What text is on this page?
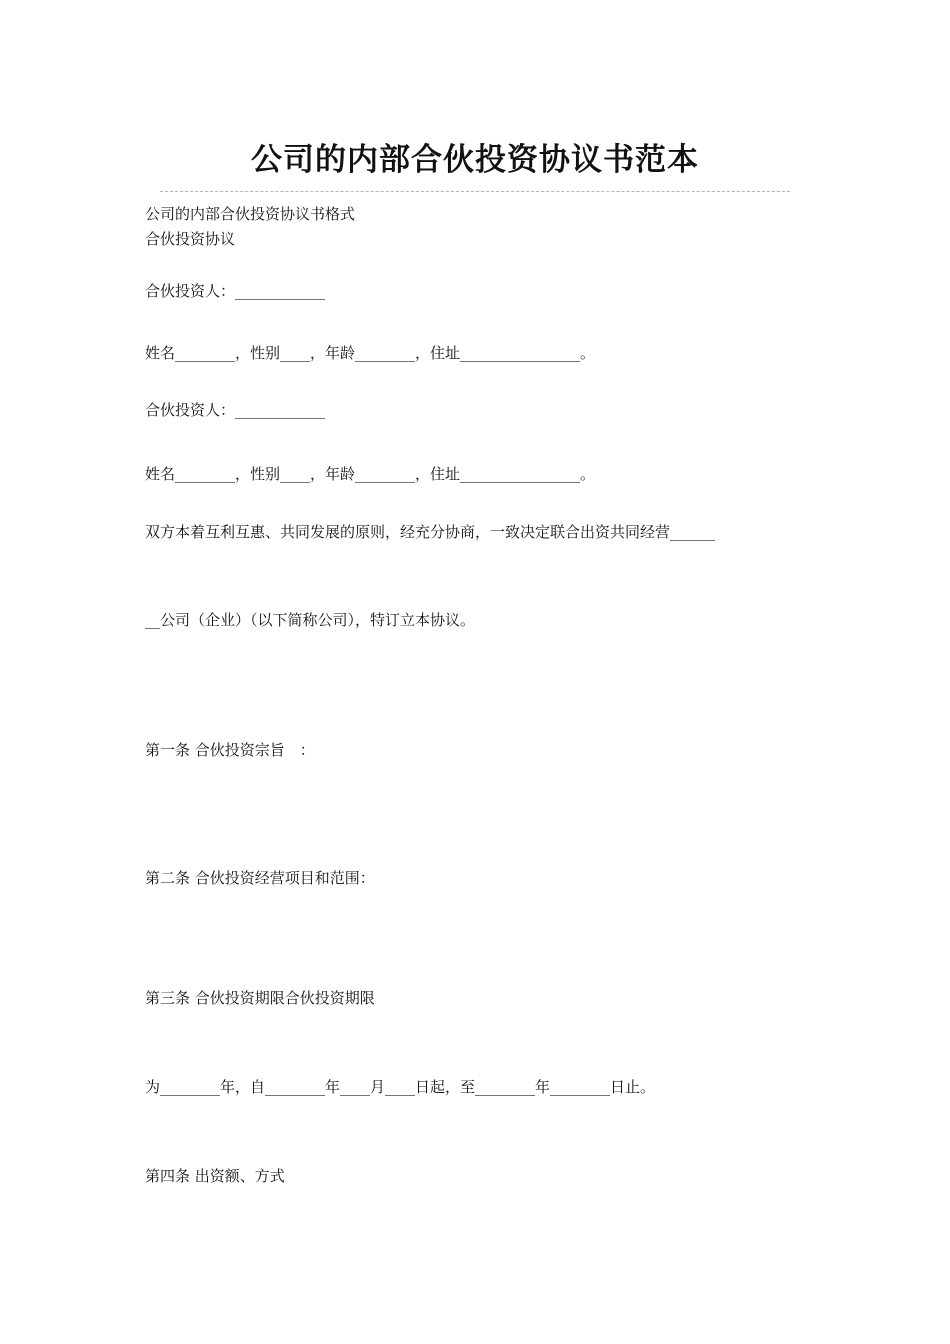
公司的内部合伙投资协议书范本
公司的内部合伙投资协议书格式
合伙投资协议
合伙投资人：____________
姓名________，性别____，年龄________，住址________________。
合伙投资人：____________
姓名________，性别____，年龄________，住址________________。
双方本着互利互惠、共同发展的原则，经充分协商，一致决定联合出资共同经营______
__公司（企业）（以下简称公司），特订立本协议。
第一条 合伙投资宗旨　：
第二条 合伙投资经营项目和范围：
第三条 合伙投资期限合伙投资期限
为________年，自________年____月____日起，至________年________日止。
第四条 出资额、方式
